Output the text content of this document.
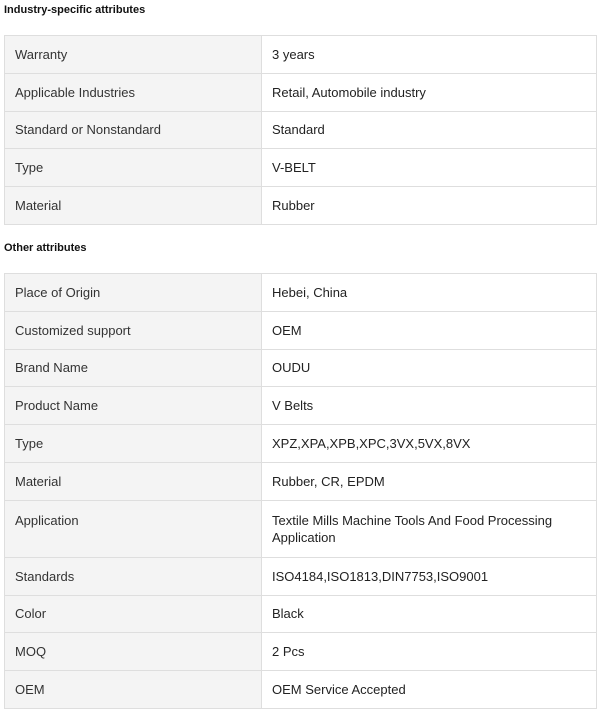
Industry-specific attributes
Warranty	3 years
Applicable Industries	Retail, Automobile industry
Standard or Nonstandard	Standard
Type	V-BELT
Material	Rubber
Other attributes
Place of Origin	Hebei, China
Customized support	OEM
Brand Name	OUDU
Product Name	V Belts
Type	XPZ,XPA,XPB,XPC,3VX,5VX,8VX
Material	Rubber, CR, EPDM
Application	Textile Mills Machine Tools And Food Processing Application
Standards	ISO4184,ISO1813,DIN7753,ISO9001
Color	Black
MOQ	2 Pcs
OEM	OEM Service Accepted
